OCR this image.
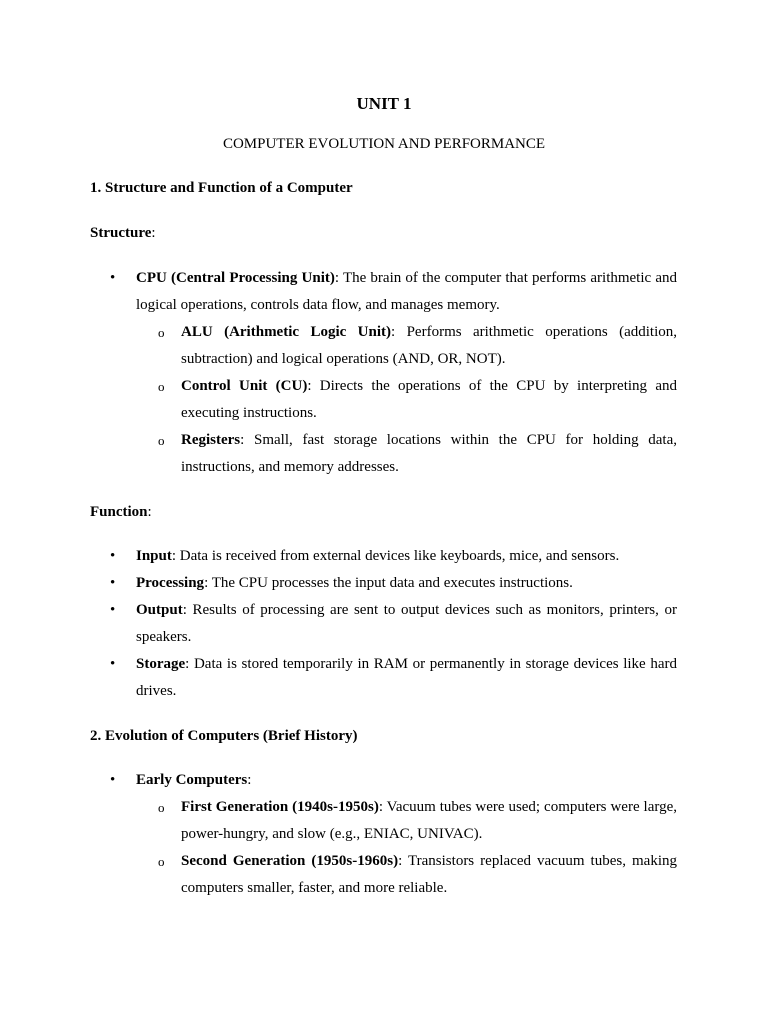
UNIT 1
COMPUTER EVOLUTION AND PERFORMANCE
1. Structure and Function of a Computer
Structure:
• CPU (Central Processing Unit): The brain of the computer that performs arithmetic and logical operations, controls data flow, and manages memory.
o ALU (Arithmetic Logic Unit): Performs arithmetic operations (addition, subtraction) and logical operations (AND, OR, NOT).
o Control Unit (CU): Directs the operations of the CPU by interpreting and executing instructions.
o Registers: Small, fast storage locations within the CPU for holding data, instructions, and memory addresses.
Function:
• Input: Data is received from external devices like keyboards, mice, and sensors.
• Processing: The CPU processes the input data and executes instructions.
• Output: Results of processing are sent to output devices such as monitors, printers, or speakers.
• Storage: Data is stored temporarily in RAM or permanently in storage devices like hard drives.
2. Evolution of Computers (Brief History)
• Early Computers:
o First Generation (1940s-1950s): Vacuum tubes were used; computers were large, power-hungry, and slow (e.g., ENIAC, UNIVAC).
o Second Generation (1950s-1960s): Transistors replaced vacuum tubes, making computers smaller, faster, and more reliable.
